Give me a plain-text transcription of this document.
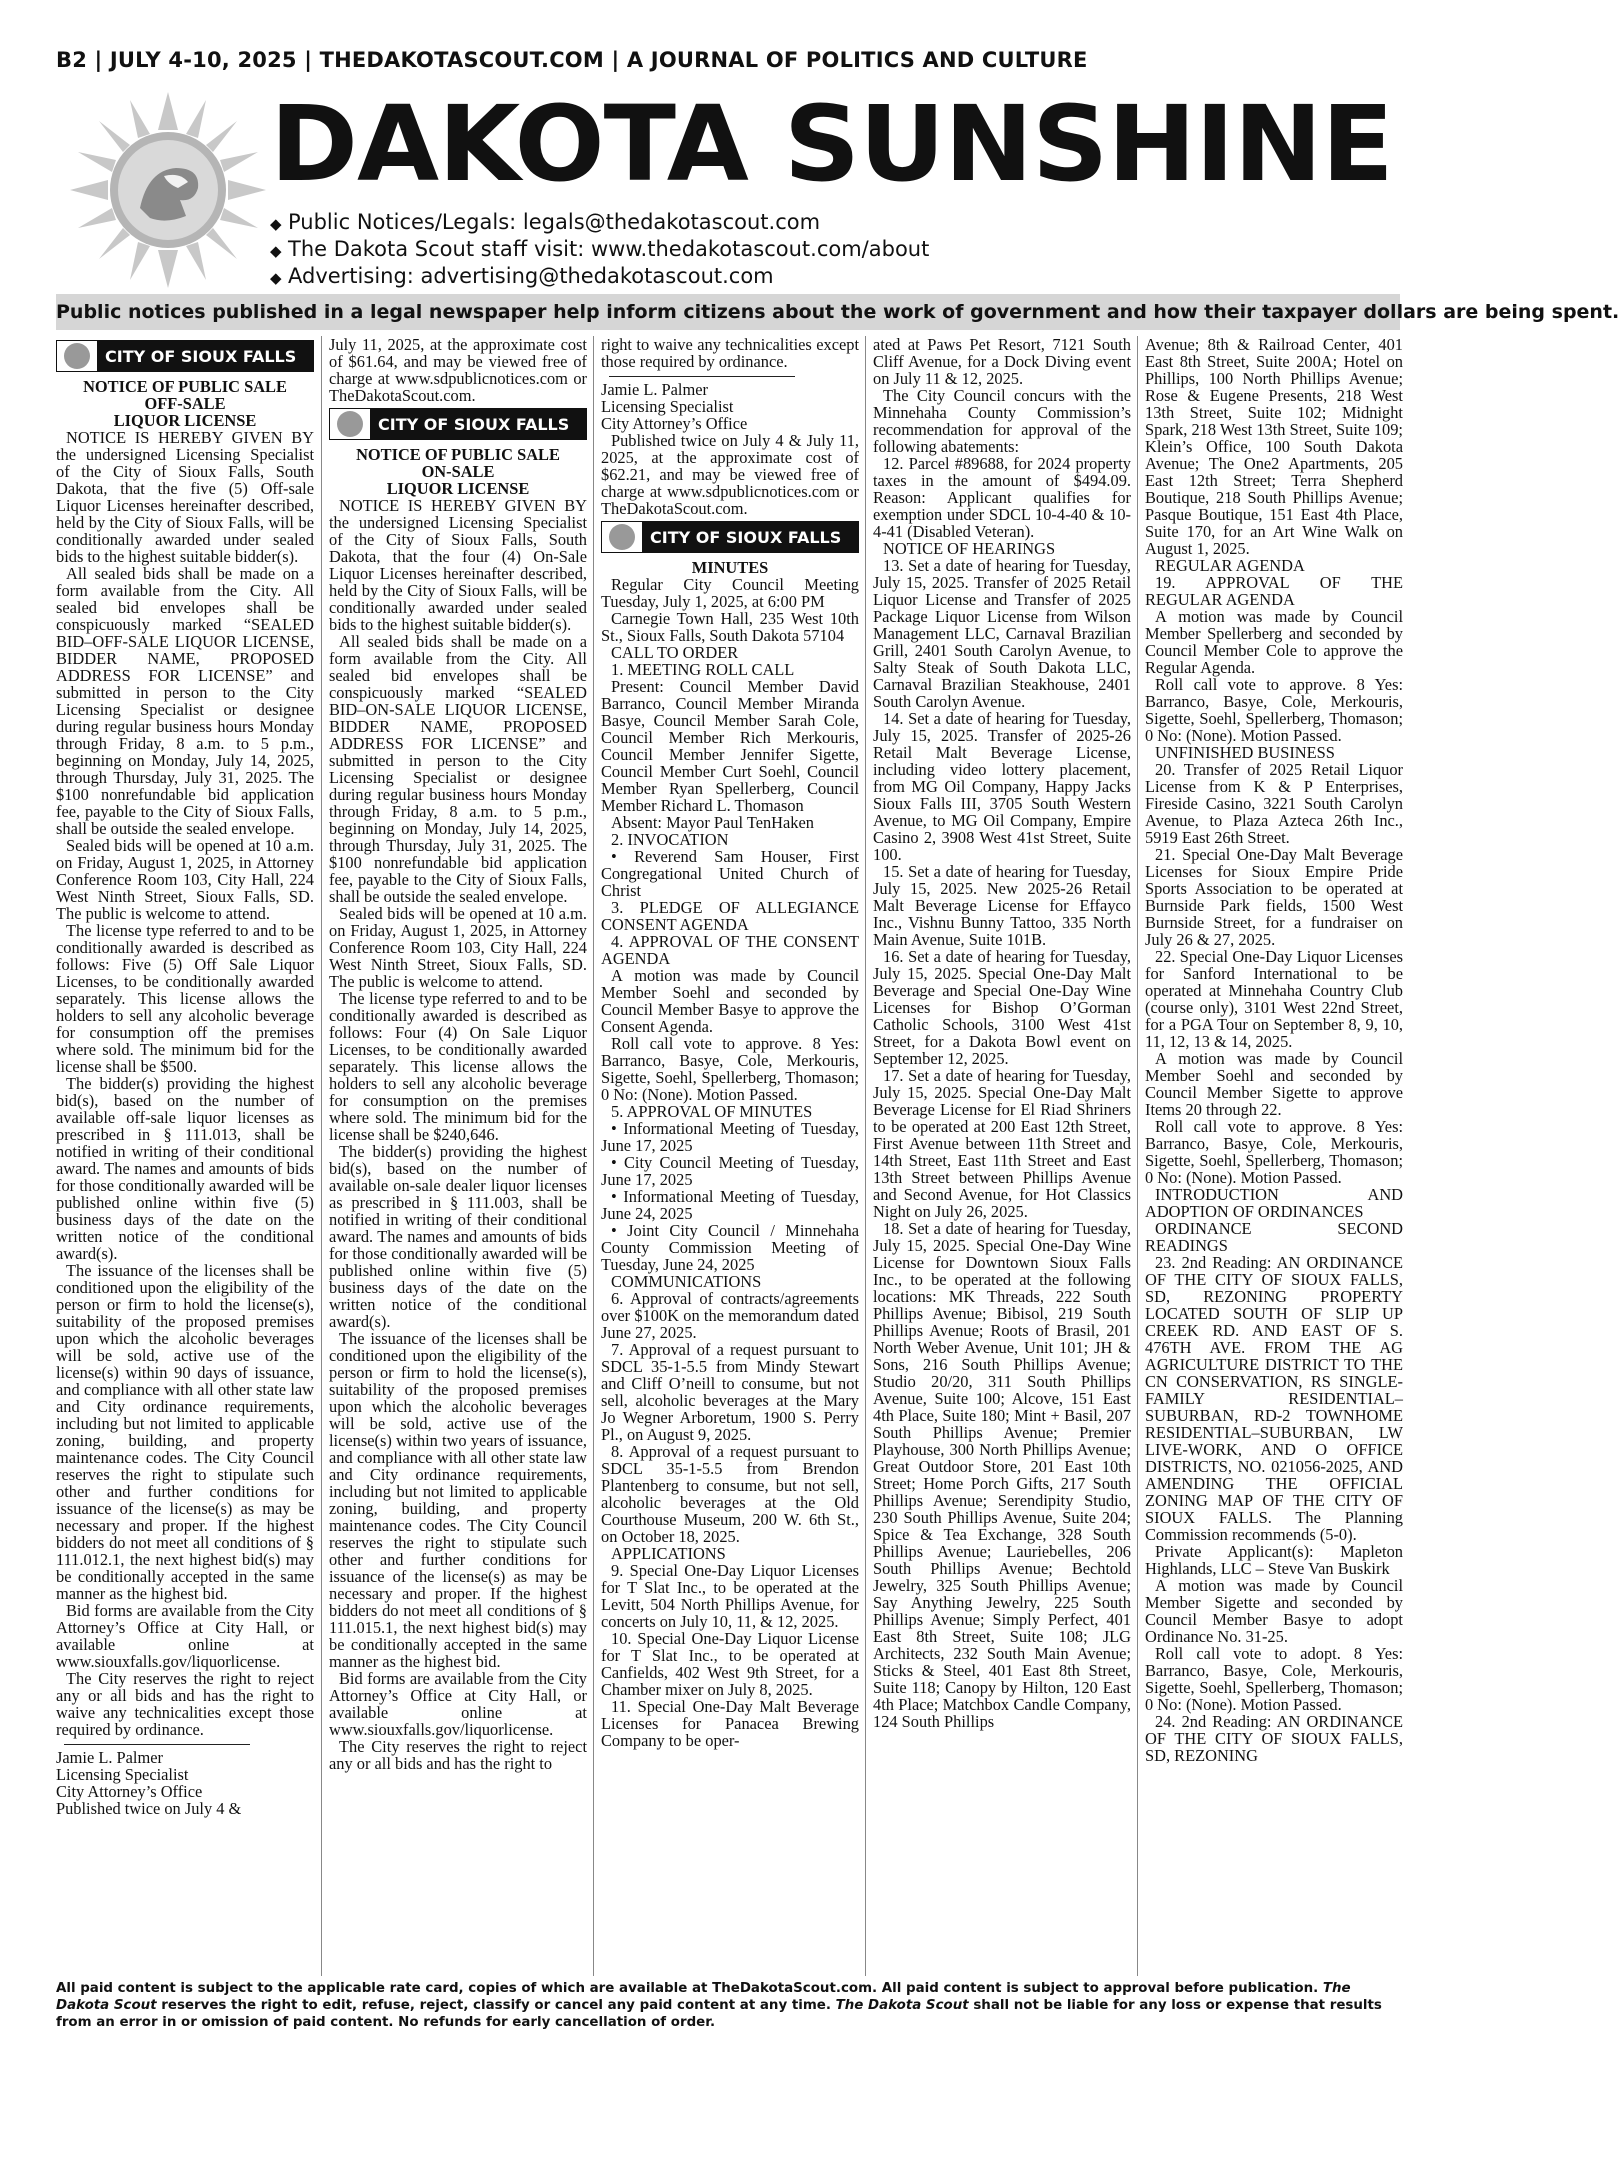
B2 | JULY 4-10, 2025 | THEDAKOTASCOUT.COM | A JOURNAL OF POLITICS AND CULTURE
DAKOTA SUNSHINE
◆ Public Notices/Legals: legals@thedakotascout.com
◆ The Dakota Scout staff visit: www.thedakotascout.com/about
◆ Advertising: advertising@thedakotascout.com
Public notices published in a legal newspaper help inform citizens about the work of government and how their taxpayer dollars are being spent.
CITY OF SIOUX FALLS

NOTICE OF PUBLIC SALE

OFF-SALE

LIQUOR LICENSE

NOTICE IS HEREBY GIVEN BY the undersigned Licensing Specialist of the City of Sioux Falls, South Dakota, that the five (5) Off-sale Liquor Licenses hereinafter described, held by the City of Sioux Falls, will be conditionally awarded under sealed bids to the highest suitable bidder(s).

All sealed bids shall be made on a form available from the City. All sealed bid envelopes shall be conspicuously marked “SEALED BID–OFF-SALE LIQUOR LICENSE, BIDDER NAME, PROPOSED ADDRESS FOR LICENSE” and submitted in person to the City Licensing Specialist or designee during regular business hours Monday through Friday, 8 a.m. to 5 p.m., beginning on Monday, July 14, 2025, through Thursday, July 31, 2025. The $100 nonrefundable bid application fee, payable to the City of Sioux Falls, shall be outside the sealed envelope.

Sealed bids will be opened at 10 a.m. on Friday, August 1, 2025, in Attorney Conference Room 103, City Hall, 224 West Ninth Street, Sioux Falls, SD. The public is welcome to attend.

The license type referred to and to be conditionally awarded is described as follows: Five (5) Off Sale Liquor Licenses, to be conditionally awarded separately. This license allows the holders to sell any alcoholic beverage for consumption off the premises where sold. The minimum bid for the license shall be $500.

The bidder(s) providing the highest bid(s), based on the number of available off-sale liquor licenses as prescribed in § 111.013, shall be notified in writing of their conditional award. The names and amounts of bids for those conditionally awarded will be published online within five (5) business days of the date on the written notice of the conditional award(s).

The issuance of the licenses shall be conditioned upon the eligibility of the person or firm to hold the license(s), suitability of the proposed premises upon which the alcoholic beverages will be sold, active use of the license(s) within 90 days of issuance, and compliance with all other state law and City ordinance requirements, including but not limited to applicable zoning, building, and property maintenance codes. The City Council reserves the right to stipulate such other and further conditions for issuance of the license(s) as may be necessary and proper. If the highest bidders do not meet all conditions of § 111.012.1, the next highest bid(s) may be conditionally accepted in the same manner as the highest bid.

Bid forms are available from the City Attorney’s Office at City Hall, or available online at www.siouxfalls.gov/liquorlicense.

The City reserves the right to reject any or all bids and has the right to waive any technicalities except those required by ordinance.

Jamie L. Palmer

Licensing Specialist

City Attorney’s Office

Published twice on July 4 &

July 11, 2025, at the approximate cost of $61.64, and may be viewed free of charge at www.sdpublicnotices.com or TheDakotaScout.com.

CITY OF SIOUX FALLS

NOTICE OF PUBLIC SALE

ON-SALE

LIQUOR LICENSE

NOTICE IS HEREBY GIVEN BY the undersigned Licensing Specialist of the City of Sioux Falls, South Dakota, that the four (4) On-Sale Liquor Licenses hereinafter described, held by the City of Sioux Falls, will be conditionally awarded under sealed bids to the highest suitable bidder(s).

All sealed bids shall be made on a form available from the City. All sealed bid envelopes shall be conspicuously marked “SEALED BID–ON-SALE LIQUOR LICENSE, BIDDER NAME, PROPOSED ADDRESS FOR LICENSE” and submitted in person to the City Licensing Specialist or designee during regular business hours Monday through Friday, 8 a.m. to 5 p.m., beginning on Monday, July 14, 2025, through Thursday, July 31, 2025. The $100 nonrefundable bid application fee, payable to the City of Sioux Falls, shall be outside the sealed envelope.

Sealed bids will be opened at 10 a.m. on Friday, August 1, 2025, in Attorney Conference Room 103, City Hall, 224 West Ninth Street, Sioux Falls, SD. The public is welcome to attend.

The license type referred to and to be conditionally awarded is described as follows: Four (4) On Sale Liquor Licenses, to be conditionally awarded separately. This license allows the holders to sell any alcoholic beverage for consumption on the premises where sold. The minimum bid for the license shall be $240,646.

The bidder(s) providing the highest bid(s), based on the number of available on-sale dealer liquor licenses as prescribed in § 111.003, shall be notified in writing of their conditional award. The names and amounts of bids for those conditionally awarded will be published online within five (5) business days of the date on the written notice of the conditional award(s).

The issuance of the licenses shall be conditioned upon the eligibility of the person or firm to hold the license(s), suitability of the proposed premises upon which the alcoholic beverages will be sold, active use of the license(s) within two years of issuance, and compliance with all other state law and City ordinance requirements, including but not limited to applicable zoning, building, and property maintenance codes. The City Council reserves the right to stipulate such other and further conditions for issuance of the license(s) as may be necessary and proper. If the highest bidders do not meet all conditions of § 111.015.1, the next highest bid(s) may be conditionally accepted in the same manner as the highest bid.

Bid forms are available from the City Attorney’s Office at City Hall, or available online at www.siouxfalls.gov/liquorlicense.

The City reserves the right to reject any or all bids and has the right to

right to waive any technicalities except those required by ordinance.

Jamie L. Palmer

Licensing Specialist

City Attorney’s Office

Published twice on July 4 & July 11, 2025, at the approximate cost of $62.21, and may be viewed free of charge at www.sdpublicnotices.com or TheDakotaScout.com.

CITY OF SIOUX FALLS

MINUTES

Regular City Council Meeting Tuesday, July 1, 2025, at 6:00 PM

Carnegie Town Hall, 235 West 10th St., Sioux Falls, South Dakota 57104

CALL TO ORDER

1. MEETING ROLL CALL

Present: Council Member David Barranco, Council Member Miranda Basye, Council Member Sarah Cole, Council Member Rich Merkouris, Council Member Jennifer Sigette, Council Member Curt Soehl, Council Member Ryan Spellerberg, Council Member Richard L. Thomason

Absent: Mayor Paul TenHaken

2. INVOCATION

• Reverend Sam Houser, First Congregational United Church of Christ

3. PLEDGE OF ALLEGIANCE CONSENT AGENDA

4. APPROVAL OF THE CONSENT AGENDA

A motion was made by Council Member Soehl and seconded by Council Member Basye to approve the Consent Agenda.

Roll call vote to approve. 8 Yes: Barranco, Basye, Cole, Merkouris, Sigette, Soehl, Spellerberg, Thomason; 0 No: (None). Motion Passed.

5. APPROVAL OF MINUTES

• Informational Meeting of Tuesday, June 17, 2025

• City Council Meeting of Tuesday, June 17, 2025

• Informational Meeting of Tuesday, June 24, 2025

• Joint City Council / Minnehaha County Commission Meeting of Tuesday, June 24, 2025

COMMUNICATIONS

6. Approval of contracts/agreements over $100K on the memorandum dated June 27, 2025.

7. Approval of a request pursuant to SDCL 35-1-5.5 from Mindy Stewart and Cliff O’neill to consume, but not sell, alcoholic beverages at the Mary Jo Wegner Arboretum, 1900 S. Perry Pl., on August 9, 2025.

8. Approval of a request pursuant to SDCL 35-1-5.5 from Brendon Plantenberg to consume, but not sell, alcoholic beverages at the Old Courthouse Museum, 200 W. 6th St., on October 18, 2025.

APPLICATIONS

9. Special One-Day Liquor Licenses for T Slat Inc., to be operated at the Levitt, 504 North Phillips Avenue, for concerts on July 10, 11, & 12, 2025.

10. Special One-Day Liquor License for T Slat Inc., to be operated at Canfields, 402 West 9th Street, for a Chamber mixer on July 8, 2025.

11. Special One-Day Malt Beverage Licenses for Panacea Brewing Company to be oper-

ated at Paws Pet Resort, 7121 South Cliff Avenue, for a Dock Diving event on July 11 & 12, 2025.

The City Council concurs with the Minnehaha County Commission’s recommendation for approval of the following abatements:

12. Parcel #89688, for 2024 property taxes in the amount of $494.09. Reason: Applicant qualifies for exemption under SDCL 10-4-40 & 10-4-41 (Disabled Veteran).

NOTICE OF HEARINGS

13. Set a date of hearing for Tuesday, July 15, 2025. Transfer of 2025 Retail Liquor License and Transfer of 2025 Package Liquor License from Wilson Management LLC, Carnaval Brazilian Grill, 2401 South Carolyn Avenue, to Salty Steak of South Dakota LLC, Carnaval Brazilian Steakhouse, 2401 South Carolyn Avenue.

14. Set a date of hearing for Tuesday, July 15, 2025. Transfer of 2025-26 Retail Malt Beverage License, including video lottery placement, from MG Oil Company, Happy Jacks Sioux Falls III, 3705 South Western Avenue, to MG Oil Company, Empire Casino 2, 3908 West 41st Street, Suite 100.

15. Set a date of hearing for Tuesday, July 15, 2025. New 2025-26 Retail Malt Beverage License for Effayco Inc., Vishnu Bunny Tattoo, 335 North Main Avenue, Suite 101B.

16. Set a date of hearing for Tuesday, July 15, 2025. Special One-Day Malt Beverage and Special One-Day Wine Licenses for Bishop O’Gorman Catholic Schools, 3100 West 41st Street, for a Dakota Bowl event on September 12, 2025.

17. Set a date of hearing for Tuesday, July 15, 2025. Special One-Day Malt Beverage License for El Riad Shriners to be operated at 200 East 12th Street, First Avenue between 11th Street and 14th Street, East 11th Street and East 13th Street between Phillips Avenue and Second Avenue, for Hot Classics Night on July 26, 2025.

18. Set a date of hearing for Tuesday, July 15, 2025. Special One-Day Wine License for Downtown Sioux Falls Inc., to be operated at the following locations: MK Threads, 222 South Phillips Avenue; Bibisol, 219 South Phillips Avenue; Roots of Brasil, 201 North Weber Avenue, Unit 101; JH & Sons, 216 South Phillips Avenue; Studio 20/20, 311 South Phillips Avenue, Suite 100; Alcove, 151 East 4th Place, Suite 180; Mint + Basil, 207 South Phillips Avenue; Premier Playhouse, 300 North Phillips Avenue; Great Outdoor Store, 201 East 10th Street; Home Porch Gifts, 217 South Phillips Avenue; Serendipity Studio, 230 South Phillips Avenue, Suite 204; Spice & Tea Exchange, 328 South Phillips Avenue; Lauriebelles, 206 South Phillips Avenue; Bechtold Jewelry, 325 South Phillips Avenue; Say Anything Jewelry, 225 South Phillips Avenue; Simply Perfect, 401 East 8th Street, Suite 108; JLG Architects, 232 South Main Avenue; Sticks & Steel, 401 East 8th Street, Suite 118; Canopy by Hilton, 120 East 4th Place; Matchbox Candle Company, 124 South Phillips

Avenue; 8th & Railroad Center, 401 East 8th Street, Suite 200A; Hotel on Phillips, 100 North Phillips Avenue; Rose & Eugene Presents, 218 West 13th Street, Suite 102; Midnight Spark, 218 West 13th Street, Suite 109; Klein’s Office, 100 South Dakota Avenue; The One2 Apartments, 205 East 12th Street; Terra Shepherd Boutique, 218 South Phillips Avenue; Pasque Boutique, 151 East 4th Place, Suite 170, for an Art Wine Walk on August 1, 2025.

REGULAR AGENDA

19. APPROVAL OF THE REGULAR AGENDA

A motion was made by Council Member Spellerberg and seconded by Council Member Cole to approve the Regular Agenda.

Roll call vote to approve. 8 Yes: Barranco, Basye, Cole, Merkouris, Sigette, Soehl, Spellerberg, Thomason; 0 No: (None). Motion Passed.

UNFINISHED BUSINESS

20. Transfer of 2025 Retail Liquor License from K & P Enterprises, Fireside Casino, 3221 South Carolyn Avenue, to Plaza Azteca 26th Inc., 5919 East 26th Street.

21. Special One-Day Malt Beverage Licenses for Sioux Empire Pride Sports Association to be operated at Burnside Park fields, 1500 West Burnside Street, for a fundraiser on July 26 & 27, 2025.

22. Special One-Day Liquor Licenses for Sanford International to be operated at Minnehaha Country Club (course only), 3101 West 22nd Street, for a PGA Tour on September 8, 9, 10, 11, 12, 13 & 14, 2025.

A motion was made by Council Member Soehl and seconded by Council Member Sigette to approve Items 20 through 22.

Roll call vote to approve. 8 Yes: Barranco, Basye, Cole, Merkouris, Sigette, Soehl, Spellerberg, Thomason; 0 No: (None). Motion Passed.

INTRODUCTION AND ADOPTION OF ORDINANCES

ORDINANCE SECOND READINGS

23. 2nd Reading: AN ORDINANCE OF THE CITY OF SIOUX FALLS, SD, REZONING PROPERTY LOCATED SOUTH OF SLIP UP CREEK RD. AND EAST OF S. 476TH AVE. FROM THE AG AGRICULTURE DISTRICT TO THE CN CONSERVATION, RS SINGLE-FAMILY RESIDENTIAL–SUBURBAN, RD-2 TOWNHOME RESIDENTIAL–SUBURBAN, LW LIVE-WORK, AND O OFFICE DISTRICTS, NO. 021056-2025, AND AMENDING THE OFFICIAL ZONING MAP OF THE CITY OF SIOUX FALLS. The Planning Commission recommends (5-0).

Private Applicant(s): Mapleton Highlands, LLC – Steve Van Buskirk

A motion was made by Council Member Sigette and seconded by Council Member Basye to adopt Ordinance No. 31-25.

Roll call vote to adopt. 8 Yes: Barranco, Basye, Cole, Merkouris, Sigette, Soehl, Spellerberg, Thomason; 0 No: (None). Motion Passed.

24. 2nd Reading: AN ORDINANCE OF THE CITY OF SIOUX FALLS, SD, REZONING

All paid content is subject to the applicable rate card, copies of which are available at TheDakotaScout.com. All paid content is subject to approval before publication. The Dakota Scout reserves the right to edit, refuse, reject, classify or cancel any paid content at any time. The Dakota Scout shall not be liable for any loss or expense that results from an error in or omission of paid content. No refunds for early cancellation of order.
